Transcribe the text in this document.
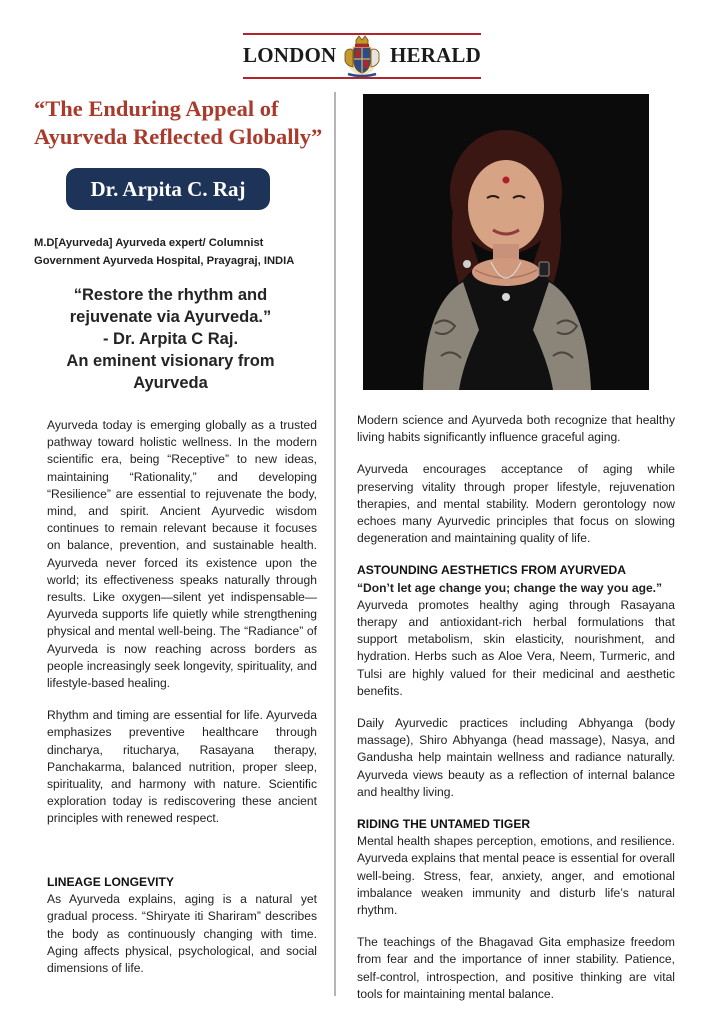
LONDON	HERALD
“The Enduring Appeal of
Ayurveda Reflected Globally”
Dr. Arpita C. Raj
M.D[Ayurveda] Ayurveda expert/ Columnist
Government Ayurveda Hospital, Prayagraj, INDIA
“Restore the rhythm and
rejuvenate via Ayurveda.”
- Dr. Arpita C Raj.
An eminent visionary from
Ayurveda

Ayurveda today is emerging globally as a trusted pathway toward holistic wellness. In the modern scientific era, being “Receptive” to new ideas, maintaining “Rationality,” and developing “Resilience” are essential to rejuvenate the body, mind, and spirit. Ancient Ayurvedic wisdom continues to remain relevant because it focuses on balance, prevention, and sustainable health. Ayurveda never forced its existence upon the world; its effectiveness speaks naturally through results. Like oxygen—silent yet indispensable—Ayurveda supports life quietly while strengthening physical and mental well-being. The “Radiance” of Ayurveda is now reaching across borders as people increasingly seek longevity, spirituality, and lifestyle-based healing.

Rhythm and timing are essential for life. Ayurveda emphasizes preventive healthcare through dincharya, ritucharya, Rasayana therapy, Panchakarma, balanced nutrition, proper sleep, spirituality, and harmony with nature. Scientific exploration today is rediscovering these ancient principles with renewed respect.

LINEAGE LONGEVITY

As Ayurveda explains, aging is a natural yet gradual process. “Shiryate iti Shariram” describes the body as continuously changing with time. Aging affects physical, psychological, and social dimensions of life.

Modern science and Ayurveda both recognize that healthy living habits significantly influence graceful aging.

Ayurveda encourages acceptance of aging while preserving vitality through proper lifestyle, rejuvenation therapies, and mental stability. Modern gerontology now echoes many Ayurvedic principles that focus on slowing degeneration and maintaining quality of life.

ASTOUNDING AESTHETICS FROM AYURVEDA
“Don’t let age change you; change the way you age.”

Ayurveda promotes healthy aging through Rasayana therapy and antioxidant-rich herbal formulations that support metabolism, skin elasticity, nourishment, and hydration. Herbs such as Aloe Vera, Neem, Turmeric, and Tulsi are highly valued for their medicinal and aesthetic benefits.

Daily Ayurvedic practices including Abhyanga (body massage), Shiro Abhyanga (head massage), Nasya, and Gandusha help maintain wellness and radiance naturally. Ayurveda views beauty as a reflection of internal balance and healthy living.

RIDING THE UNTAMED TIGER

Mental health shapes perception, emotions, and resilience. Ayurveda explains that mental peace is essential for overall well-being. Stress, fear, anxiety, anger, and emotional imbalance weaken immunity and disturb life’s natural rhythm.

The teachings of the Bhagavad Gita emphasize freedom from fear and the importance of inner stability. Patience, self-control, introspection, and positive thinking are vital tools for maintaining mental balance.
